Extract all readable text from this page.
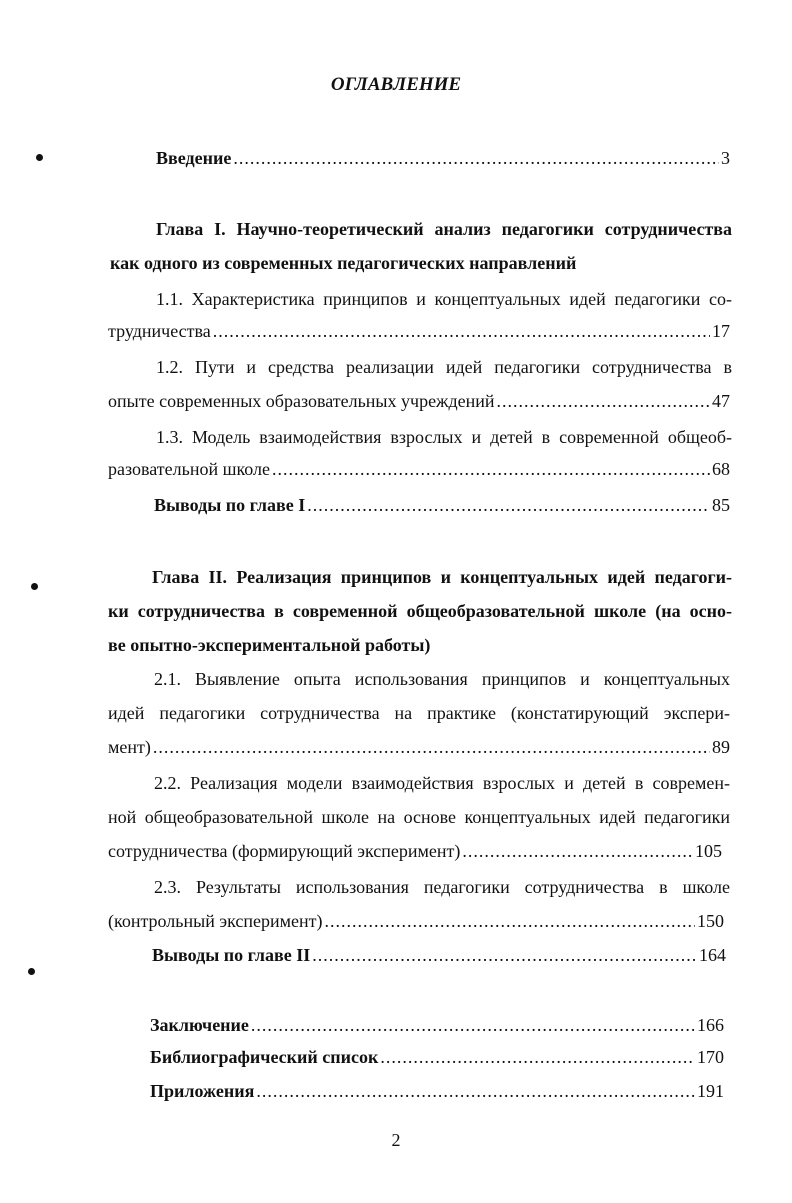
ОГЛАВЛЕНИЕ
Введение .....	3
Глава I. Научно-теоретический анализ педагогики сотрудничества
как одного из современных педагогических направлений
1.1. Характеристика принципов и концептуальных идей педагогики со-
трудничества .....	17
1.2. Пути и средства реализации идей педагогики сотрудничества в
опыте современных образовательных учреждений .....	47
1.3. Модель взаимодействия взрослых и детей в современной общеоб-
разовательной школе .....	68
Выводы по главе I .....	85
Глава II. Реализация принципов и концептуальных идей педагоги-
ки сотрудничества в современной общеобразовательной школе (на осно-
ве опытно-экспериментальной работы)
2.1. Выявление опыта использования принципов и концептуальных
идей педагогики сотрудничества на практике (констатирующий экспери-
мент) .....	89
2.2. Реализация модели взаимодействия взрослых и детей в современ-
ной общеобразовательной школе на основе концептуальных идей педагогики
сотрудничества (формирующий эксперимент) .....	105
2.3. Результаты использования педагогики сотрудничества в школе
(контрольный эксперимент) .....	150
Выводы по главе II .....	164
Заключение .....	166
Библиографический список .....	170
Приложения .....	191
2
